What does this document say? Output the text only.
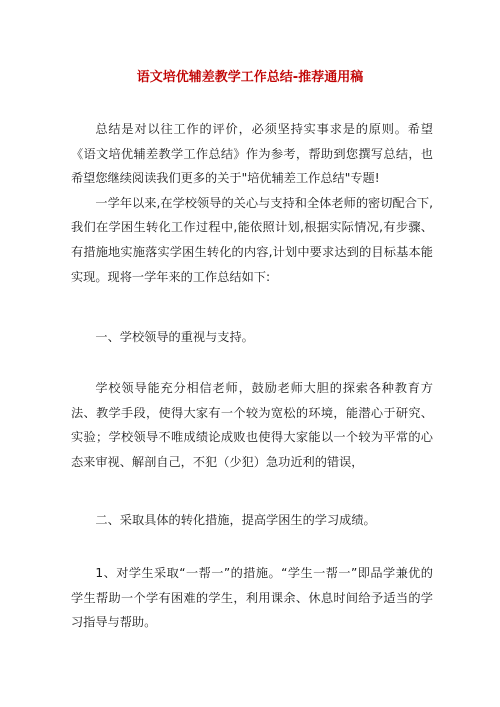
语文培优辅差教学工作总结-推荐通用稿

总结是对以往工作的评价，必须坚持实事求是的原则。希望《语文培优辅差教学工作总结》作为参考，帮助到您撰写总结，也希望您继续阅读我们更多的关于"培优辅差工作总结"专题!

一学年以来,在学校领导的关心与支持和全体老师的密切配合下,我们在学困生转化工作过程中,能依照计划,根据实际情况,有步骤、有措施地实施落实学困生转化的内容,计划中要求达到的目标基本能实现。现将一学年来的工作总结如下:

一、学校领导的重视与支持。

学校领导能充分相信老师，鼓励老师大胆的探索各种教育方法、教学手段，使得大家有一个较为宽松的环境，能潜心于研究、实验；学校领导不唯成绩论成败也使得大家能以一个较为平常的心态来审视、解剖自己，不犯（少犯）急功近利的错误，

二、采取具体的转化措施，提高学困生的学习成绩。

1、对学生采取“一帮一”的措施。“学生一帮一”即品学兼优的学生帮助一个学有困难的学生，利用课余、休息时间给予适当的学习指导与帮助。
